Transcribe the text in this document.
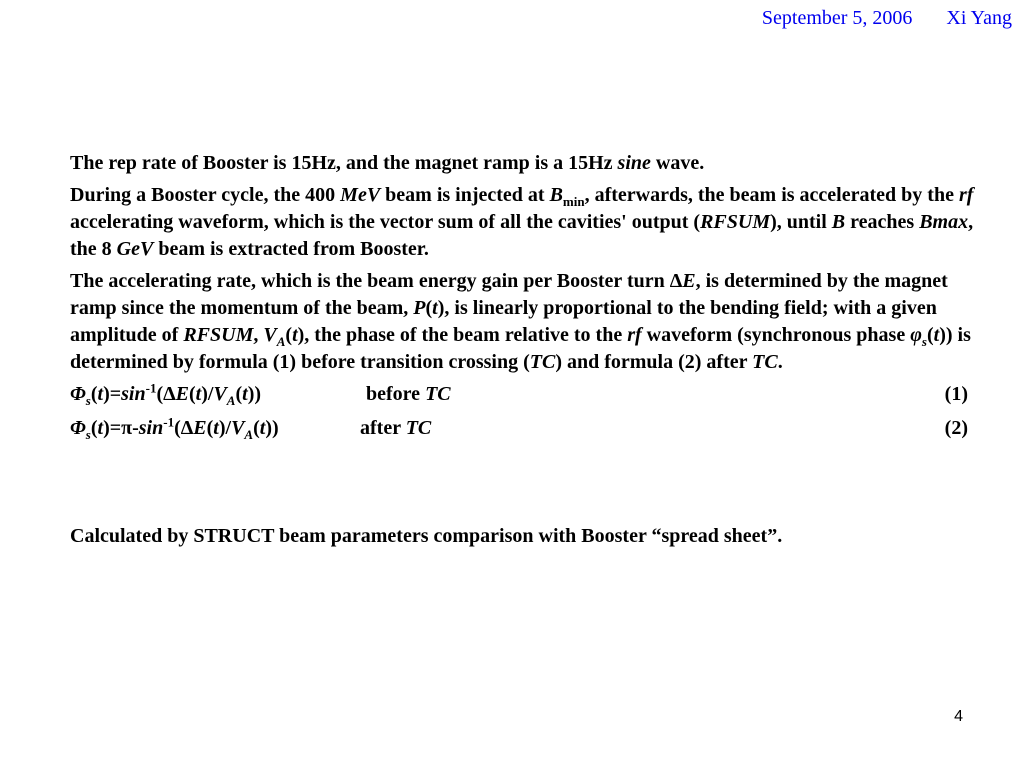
September 5, 2006 Xi Yang

The rep rate of Booster is 15Hz, and the magnet ramp is a 15Hz sine wave.

During a Booster cycle, the 400 MeV beam is injected at $B_{min}$, afterwards, the beam is accelerated by the rf accelerating waveform, which is the vector sum of all the cavities' output (RFSUM), until B reaches Bmax, the 8 GeV beam is extracted from Booster.

The accelerating rate, which is the beam energy gain per Booster turn ΔE, is determined by the magnet ramp since the momentum of the beam, P(t), is linearly proportional to the bending field; with a given amplitude of RFSUM, $V_A(t)$, the phase of the beam relative to the rf waveform (synchronous phase $\varphi_s(t)$) is determined by formula (1) before transition crossing (TC) and formula (2) after TC.

$\Phi_s(t)=\sin^{-1}(\Delta E(t)/V_A(t))$	before TC	(1)
$\Phi_s(t)=\pi-\sin^{-1}(\Delta E(t)/V_A(t))$	after TC	(2)

Calculated by STRUCT beam parameters comparison with Booster “spread sheet”.

4
